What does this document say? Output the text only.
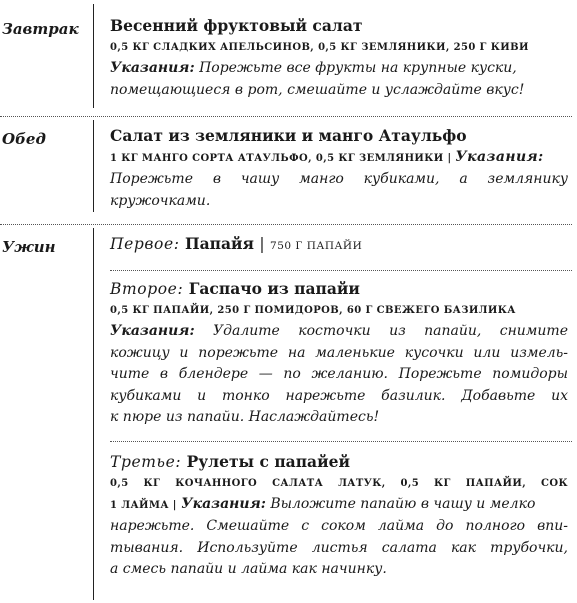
Завтрак Весенний фруктовый салат
0,5 КГ СЛАДКИХ АПЕЛЬСИНОВ, 0,5 КГ ЗЕМЛЯНИКИ, 250 Г КИВИ
Указания: Порежьте все фрукты на крупные куски,
помещающиеся в рот, смешайте и услаждайте вкус!
Обед	Салат из земляники и манго Атаульфо
1 КГ МАНГО СОРТА АТАУЛЬФО, 0,5 КГ ЗЕМЛЯНИКИ | Указания:
Порежьте в чашу манго кубиками, а землянику
кружочками.
Ужин	Первое: Папайя | 750 Г ПАПАЙИ
Второе: Гаспачо из папайи
0,5 КГ ПАПАЙИ, 250 Г ПОМИДОРОВ, 60 Г СВЕЖЕГО БАЗИЛИКА
Указания: Удалите косточки из папайи, снимите
кожицу и порежьте на маленькие кусочки или измель-
чите в блендере — по желанию. Порежьте помидоры
кубиками и тонко нарежьте базилик. Добавьте их
к пюре из папайи. Наслаждайтесь!
Третье: Рулеты с папайей
0,5 КГ КОЧАННОГО САЛАТА ЛАТУК, 0,5 КГ ПАПАЙИ, СОК
1 ЛАЙМА | Указания: Выложите папайю в чашу и мелко
нарежьте. Смешайте с соком лайма до полного впи-
тывания. Используйте листья салата как трубочки,
а смесь папайи и лайма как начинку.
